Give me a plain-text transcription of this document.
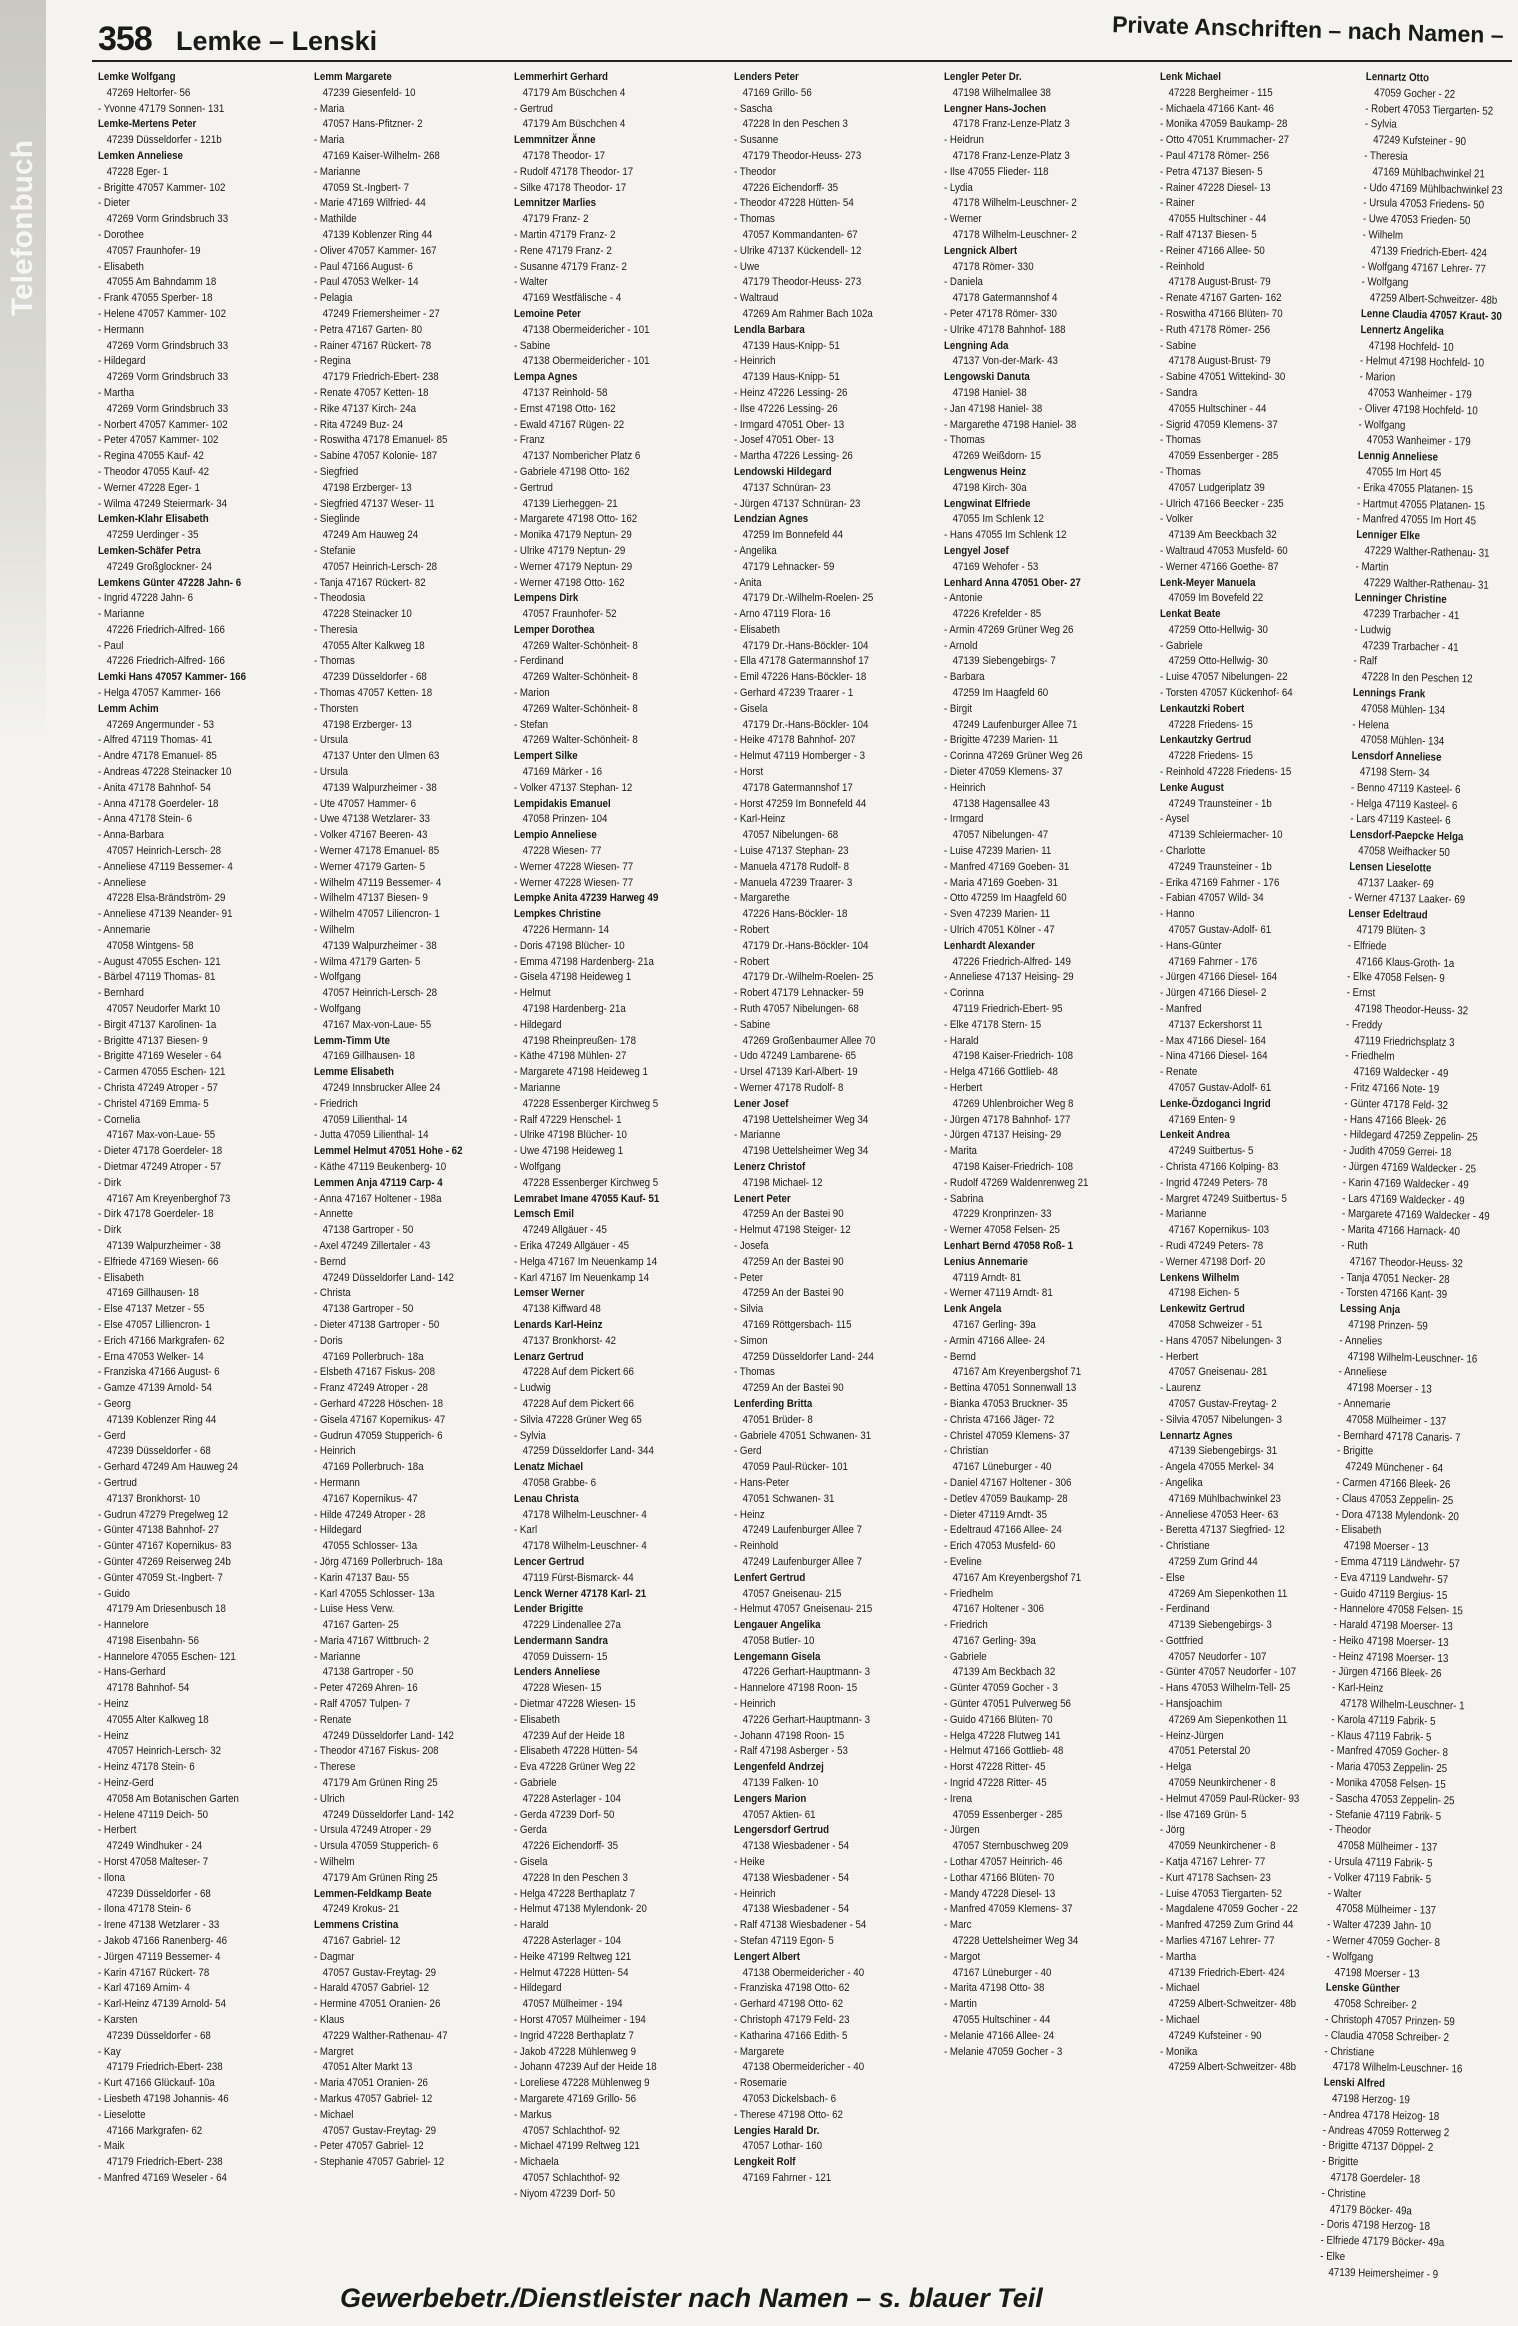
Telefonbuch
358 Lemke – Lenski	Private Anschriften – nach Namen –
Lemke Wolfgang
47269 Heltorfer- 56
- Yvonne 47179 Sonnen- 131
Lemke-Mertens Peter
47239 Düsseldorfer - 121b
Lemken Anneliese
47228 Eger- 1
- Brigitte 47057 Kammer- 102
- Dieter
47269 Vorm Grindsbruch 33
- Dorothee
47057 Fraunhofer- 19
- Elisabeth
47055 Am Bahndamm 18
- Frank 47055 Sperber- 18
- Helene 47057 Kammer- 102
- Hermann
47269 Vorm Grindsbruch 33
- Hildegard
47269 Vorm Grindsbruch 33
- Martha
47269 Vorm Grindsbruch 33
- Norbert 47057 Kammer- 102
- Peter 47057 Kammer- 102
- Regina 47055 Kauf- 42
- Theodor 47055 Kauf- 42
- Werner 47228 Eger- 1
- Wilma 47249 Steiermark- 34
Lemken-Klahr Elisabeth
47259 Uerdinger - 35
Lemken-Schäfer Petra
47249 Großglockner- 24
Lemkens Günter 47228 Jahn- 6
- Ingrid 47228 Jahn- 6
- Marianne
47226 Friedrich-Alfred- 166
- Paul
47226 Friedrich-Alfred- 166
Lemki Hans 47057 Kammer- 166
- Helga 47057 Kammer- 166
Lemm Achim
47269 Angermunder - 53
- Alfred 47119 Thomas- 41
- Andre 47178 Emanuel- 85
- Andreas 47228 Steinacker 10
- Anita 47178 Bahnhof- 54
- Anna 47178 Goerdeler- 18
- Anna 47178 Stein- 6
- Anna-Barbara
47057 Heinrich-Lersch- 28
- Anneliese 47119 Bessemer- 4
- Anneliese
47228 Elsa-Brändström- 29
- Anneliese 47139 Neander- 91
- Annemarie
47058 Wintgens- 58
- August 47055 Eschen- 121
- Bärbel 47119 Thomas- 81
- Bernhard
47057 Neudorfer Markt 10
- Birgit 47137 Karolinen- 1a
- Brigitte 47137 Biesen- 9
- Brigitte 47169 Weseler - 64
- Carmen 47055 Eschen- 121
- Christa 47249 Atroper - 57
- Christel 47169 Emma- 5
- Cornelia
47167 Max-von-Laue- 55
- Dieter 47178 Goerdeler- 18
- Dietmar 47249 Atroper - 57
- Dirk
47167 Am Kreyenberghof 73
- Dirk 47178 Goerdeler- 18
- Dirk
47139 Walpurzheimer - 38
- Elfriede 47169 Wiesen- 66
- Elisabeth
47169 Gillhausen- 18
- Else 47137 Metzer - 55
- Else 47057 Lilliencron- 1
- Erich 47166 Markgrafen- 62
- Erna 47053 Welker- 14
- Franziska 47166 August- 6
- Gamze 47139 Arnold- 54
- Georg
47139 Koblenzer Ring 44
- Gerd
47239 Düsseldorfer - 68
- Gerhard 47249 Am Hauweg 24
- Gertrud
47137 Bronkhorst- 10
- Gudrun 47279 Pregelweg 12
- Günter 47138 Bahnhof- 27
- Günter 47167 Kopernikus- 83
- Günter 47269 Reiserweg 24b
- Günter 47059 St.-Ingbert- 7
- Guido
47179 Am Driesenbusch 18
- Hannelore
47198 Eisenbahn- 56
- Hannelore 47055 Eschen- 121
- Hans-Gerhard
47178 Bahnhof- 54
- Heinz
47055 Alter Kalkweg 18
- Heinz
47057 Heinrich-Lersch- 32
- Heinz 47178 Stein- 6
- Heinz-Gerd
47058 Am Botanischen Garten
- Helene 47119 Deich- 50
- Herbert
47249 Windhuker - 24
- Horst 47058 Malteser- 7
- Ilona
47239 Düsseldorfer - 68
- Ilona 47178 Stein- 6
- Irene 47138 Wetzlarer - 33
- Jakob 47166 Ranenberg- 46
- Jürgen 47119 Bessemer- 4
- Karin 47167 Rückert- 78
- Karl 47169 Arnim- 4
- Karl-Heinz 47139 Arnold- 54
- Karsten
47239 Düsseldorfer - 68
- Kay
47179 Friedrich-Ebert- 238
- Kurt 47166 Glückauf- 10a
- Liesbeth 47198 Johannis- 46
- Lieselotte
47166 Markgrafen- 62
- Maik
47179 Friedrich-Ebert- 238
- Manfred 47169 Weseler - 64
Lemm Margarete
47239 Giesenfeld- 10
- Maria
47057 Hans-Pfitzner- 2
- Maria
47169 Kaiser-Wilhelm- 268
- Marianne
47059 St.-Ingbert- 7
- Marie 47169 Wilfried- 44
- Mathilde
47139 Koblenzer Ring 44
- Oliver 47057 Kammer- 167
- Paul 47166 August- 6
- Paul 47053 Welker- 14
- Pelagia
47249 Friemersheimer - 27
- Petra 47167 Garten- 80
- Rainer 47167 Rückert- 78
- Regina
47179 Friedrich-Ebert- 238
- Renate 47057 Ketten- 18
- Rike 47137 Kirch- 24a
- Rita 47249 Buz- 24
- Roswitha 47178 Emanuel- 85
- Sabine 47057 Kolonie- 187
- Siegfried
47198 Erzberger- 13
- Siegfried 47137 Weser- 11
- Sieglinde
47249 Am Hauweg 24
- Stefanie
47057 Heinrich-Lersch- 28
- Tanja 47167 Rückert- 82
- Theodosia
47228 Steinacker 10
- Theresia
47055 Alter Kalkweg 18
- Thomas
47239 Düsseldorfer - 68
- Thomas 47057 Ketten- 18
- Thorsten
47198 Erzberger- 13
- Ursula
47137 Unter den Ulmen 63
- Ursula
47139 Walpurzheimer - 38
- Ute 47057 Hammer- 6
- Uwe 47138 Wetzlarer- 33
- Volker 47167 Beeren- 43
- Werner 47178 Emanuel- 85
- Werner 47179 Garten- 5
- Wilhelm 47119 Bessemer- 4
- Wilhelm 47137 Biesen- 9
- Wilhelm 47057 Liliencron- 1
- Wilhelm
47139 Walpurzheimer - 38
- Wilma 47179 Garten- 5
- Wolfgang
47057 Heinrich-Lersch- 28
- Wolfgang
47167 Max-von-Laue- 55
Lemm-Timm Ute
47169 Gillhausen- 18
Lemme Elisabeth
47249 Innsbrucker Allee 24
- Friedrich
47059 Lilienthal- 14
- Jutta 47059 Lilienthal- 14
Lemmel Helmut 47051 Hohe - 62
- Käthe 47119 Beukenberg- 10
Lemmen Anja 47119 Carp- 4
- Anna 47167 Holtener - 198a
- Annette
47138 Gartroper - 50
- Axel 47249 Zillertaler - 43
- Bernd
47249 Düsseldorfer Land- 142
- Christa
47138 Gartroper - 50
- Dieter 47138 Gartroper - 50
- Doris
47169 Pollerbruch- 18a
- Elsbeth 47167 Fiskus- 208
- Franz 47249 Atroper - 28
- Gerhard 47228 Höschen- 18
- Gisela 47167 Kopernikus- 47
- Gudrun 47059 Stupperich- 6
- Heinrich
47169 Pollerbruch- 18a
- Hermann
47167 Kopernikus- 47
- Hilde 47249 Atroper - 28
- Hildegard
47055 Schlosser- 13a
- Jörg 47169 Pollerbruch- 18a
- Karin 47137 Bau- 55
- Karl 47055 Schlosser- 13a
- Luise Hess Verw.
47167 Garten- 25
- Maria 47167 Wittbruch- 2
- Marianne
47138 Gartroper - 50
- Peter 47269 Ahren- 16
- Ralf 47057 Tulpen- 7
- Renate
47249 Düsseldorfer Land- 142
- Theodor 47167 Fiskus- 208
- Therese
47179 Am Grünen Ring 25
- Ulrich
47249 Düsseldorfer Land- 142
- Ursula 47249 Atroper - 29
- Ursula 47059 Stupperich- 6
- Wilhelm
47179 Am Grünen Ring 25
Lemmen-Feldkamp Beate
47249 Krokus- 21
Lemmens Cristina
47167 Gabriel- 12
- Dagmar
47057 Gustav-Freytag- 29
- Harald 47057 Gabriel- 12
- Hermine 47051 Oranien- 26
- Klaus
47229 Walther-Rathenau- 47
- Margret
47051 Alter Markt 13
- Maria 47051 Oranien- 26
- Markus 47057 Gabriel- 12
- Michael
47057 Gustav-Freytag- 29
- Peter 47057 Gabriel- 12
- Stephanie 47057 Gabriel- 12
Lemmerhirt Gerhard
47179 Am Büschchen 4
- Gertrud
47179 Am Büschchen 4
Lemmnitzer Änne
47178 Theodor- 17
- Rudolf 47178 Theodor- 17
- Silke 47178 Theodor- 17
Lemnitzer Marlies
47179 Franz- 2
- Martin 47179 Franz- 2
- Rene 47179 Franz- 2
- Susanne 47179 Franz- 2
- Walter
47169 Westfälische - 4
Lemoine Peter
47138 Obermeidericher - 101
- Sabine
47138 Obermeidericher - 101
Lempa Agnes
47137 Reinhold- 58
- Ernst 47198 Otto- 162
- Ewald 47167 Rügen- 22
- Franz
47137 Nombericher Platz 6
- Gabriele 47198 Otto- 162
- Gertrud
47139 Lierheggen- 21
- Margarete 47198 Otto- 162
- Monika 47179 Neptun- 29
- Ulrike 47179 Neptun- 29
- Werner 47179 Neptun- 29
- Werner 47198 Otto- 162
Lempens Dirk
47057 Fraunhofer- 52
Lemper Dorothea
47269 Walter-Schönheit- 8
- Ferdinand
47269 Walter-Schönheit- 8
- Marion
47269 Walter-Schönheit- 8
- Stefan
47269 Walter-Schönheit- 8
Lempert Silke
47169 Märker - 16
- Volker 47137 Stephan- 12
Lempidakis Emanuel
47058 Prinzen- 104
Lempio Anneliese
47228 Wiesen- 77
- Werner 47228 Wiesen- 77
- Werner 47228 Wiesen- 77
Lempke Anita 47239 Harweg 49
Lempkes Christine
47226 Hermann- 14
- Doris 47198 Blücher- 10
- Emma 47198 Hardenberg- 21a
- Gisela 47198 Heideweg 1
- Helmut
47198 Hardenberg- 21a
- Hildegard
47198 Rheinpreußen- 178
- Käthe 47198 Mühlen- 27
- Margarete 47198 Heideweg 1
- Marianne
47228 Essenberger Kirchweg 5
- Ralf 47229 Henschel- 1
- Ulrike 47198 Blücher- 10
- Uwe 47198 Heideweg 1
- Wolfgang
47228 Essenberger Kirchweg 5
Lemrabet Imane 47055 Kauf- 51
Lemsch Emil
47249 Allgäuer - 45
- Erika 47249 Allgäuer - 45
- Helga 47167 Im Neuenkamp 14
- Karl 47167 Im Neuenkamp 14
Lemser Werner
47138 Kiffward 48
Lenards Karl-Heinz
47137 Bronkhorst- 42
Lenarz Gertrud
47228 Auf dem Pickert 66
- Ludwig
47228 Auf dem Pickert 66
- Silvia 47228 Grüner Weg 65
- Sylvia
47259 Düsseldorfer Land- 344
Lenatz Michael
47058 Grabbe- 6
Lenau Christa
47178 Wilhelm-Leuschner- 4
- Karl
47178 Wilhelm-Leuschner- 4
Lencer Gertrud
47119 Fürst-Bismarck- 44
Lenck Werner 47178 Karl- 21
Lender Brigitte
47229 Lindenallee 27a
Lendermann Sandra
47059 Duissern- 15
Lenders Anneliese
47228 Wiesen- 15
- Dietmar 47228 Wiesen- 15
- Elisabeth
47239 Auf der Heide 18
- Elisabeth 47228 Hütten- 54
- Eva 47228 Grüner Weg 22
- Gabriele
47228 Asterlager - 104
- Gerda 47239 Dorf- 50
- Gerda
47226 Eichendorff- 35
- Gisela
47228 In den Peschen 3
- Helga 47228 Berthaplatz 7
- Helmut 47138 Mylendonk- 20
- Harald
47228 Asterlager - 104
- Heike 47199 Reltweg 121
- Helmut 47228 Hütten- 54
- Hildegard
47057 Mülheimer - 194
- Horst 47057 Mülheimer - 194
- Ingrid 47228 Berthaplatz 7
- Jakob 47228 Mühlenweg 9
- Johann 47239 Auf der Heide 18
- Loreliese 47228 Mühlenweg 9
- Margarete 47169 Grillo- 56
- Markus
47057 Schlachthof- 92
- Michael 47199 Reltweg 121
- Michaela
47057 Schlachthof- 92
- Niyom 47239 Dorf- 50
Lenders Peter
47169 Grillo- 56
- Sascha
47228 In den Peschen 3
- Susanne
47179 Theodor-Heuss- 273
- Theodor
47226 Eichendorff- 35
- Theodor 47228 Hütten- 54
- Thomas
47057 Kommandanten- 67
- Ulrike 47137 Kückendell- 12
- Uwe
47179 Theodor-Heuss- 273
- Waltraud
47269 Am Rahmer Bach 102a
Lendla Barbara
47139 Haus-Knipp- 51
- Heinrich
47139 Haus-Knipp- 51
- Heinz 47226 Lessing- 26
- Ilse 47226 Lessing- 26
- Irmgard 47051 Ober- 13
- Josef 47051 Ober- 13
- Martha 47226 Lessing- 26
Lendowski Hildegard
47137 Schnüran- 23
- Jürgen 47137 Schnüran- 23
Lendzian Agnes
47259 Im Bonnefeld 44
- Angelika
47179 Lehnacker- 59
- Anita
47179 Dr.-Wilhelm-Roelen- 25
- Arno 47119 Flora- 16
- Elisabeth
47179 Dr.-Hans-Böckler- 104
- Ella 47178 Gatermannshof 17
- Emil 47226 Hans-Böckler- 18
- Gerhard 47239 Traarer - 1
- Gisela
47179 Dr.-Hans-Böckler- 104
- Heike 47178 Bahnhof- 207
- Helmut 47119 Homberger - 3
- Horst
47178 Gatermannshof 17
- Horst 47259 Im Bonnefeld 44
- Karl-Heinz
47057 Nibelungen- 68
- Luise 47137 Stephan- 23
- Manuela 47178 Rudolf- 8
- Manuela 47239 Traarer- 3
- Margarethe
47226 Hans-Böckler- 18
- Robert
47179 Dr.-Hans-Böckler- 104
- Robert
47179 Dr.-Wilhelm-Roelen- 25
- Robert 47179 Lehnacker- 59
- Ruth 47057 Nibelungen- 68
- Sabine
47269 Großenbaumer Allee 70
- Udo 47249 Lambarene- 65
- Ursel 47139 Karl-Albert- 19
- Werner 47178 Rudolf- 8
Lener Josef
47198 Uettelsheimer Weg 34
- Marianne
47198 Uettelsheimer Weg 34
Lenerz Christof
47198 Michael- 12
Lenert Peter
47259 An der Bastei 90
- Helmut 47198 Steiger- 12
- Josefa
47259 An der Bastei 90
- Peter
47259 An der Bastei 90
- Silvia
47169 Röttgersbach- 115
- Simon
47259 Düsseldorfer Land- 244
- Thomas
47259 An der Bastei 90
Lenferding Britta
47051 Brüder- 8
- Gabriele 47051 Schwanen- 31
- Gerd
47059 Paul-Rücker- 101
- Hans-Peter
47051 Schwanen- 31
- Heinz
47249 Laufenburger Allee 7
- Reinhold
47249 Laufenburger Allee 7
Lenfert Gertrud
47057 Gneisenau- 215
- Helmut 47057 Gneisenau- 215
Lengauer Angelika
47058 Butler- 10
Lengemann Gisela
47226 Gerhart-Hauptmann- 3
- Hannelore 47198 Roon- 15
- Heinrich
47226 Gerhart-Hauptmann- 3
- Johann 47198 Roon- 15
- Ralf 47198 Asberger - 53
Lengenfeld Andrzej
47139 Falken- 10
Lengers Marion
47057 Aktien- 61
Lengersdorf Gertrud
47138 Wiesbadener - 54
- Heike
47138 Wiesbadener - 54
- Heinrich
47138 Wiesbadener - 54
- Ralf 47138 Wiesbadener - 54
- Stefan 47119 Egon- 5
Lengert Albert
47138 Obermeidericher - 40
- Franziska 47198 Otto- 62
- Gerhard 47198 Otto- 62
- Christoph 47179 Feld- 23
- Katharina 47166 Edith- 5
- Margarete
47138 Obermeidericher - 40
- Rosemarie
47053 Dickelsbach- 6
- Therese 47198 Otto- 62
Lengies Harald Dr.
47057 Lothar- 160
Lengkeit Rolf
47169 Fahrner - 121
Lengler Peter Dr.
47198 Wilhelmallee 38
Lengner Hans-Jochen
47178 Franz-Lenze-Platz 3
- Heidrun
47178 Franz-Lenze-Platz 3
- Ilse 47055 Flieder- 118
- Lydia
47178 Wilhelm-Leuschner- 2
- Werner
47178 Wilhelm-Leuschner- 2
Lengnick Albert
47178 Römer- 330
- Daniela
47178 Gatermannshof 4
- Peter 47178 Römer- 330
- Ulrike 47178 Bahnhof- 188
Lengning Ada
47137 Von-der-Mark- 43
Lengowski Danuta
47198 Haniel- 38
- Jan 47198 Haniel- 38
- Margarethe 47198 Haniel- 38
- Thomas
47269 Weißdorn- 15
Lengwenus Heinz
47198 Kirch- 30a
Lengwinat Elfriede
47055 Im Schlenk 12
- Hans 47055 Im Schlenk 12
Lengyel Josef
47169 Wehofer - 53
Lenhard Anna 47051 Ober- 27
- Antonie
47226 Krefelder - 85
- Armin 47269 Grüner Weg 26
- Arnold
47139 Siebengebirgs- 7
- Barbara
47259 Im Haagfeld 60
- Birgit
47249 Laufenburger Allee 71
- Brigitte 47239 Marien- 11
- Corinna 47269 Grüner Weg 26
- Dieter 47059 Klemens- 37
- Heinrich
47138 Hagensallee 43
- Irmgard
47057 Nibelungen- 47
- Luise 47239 Marien- 11
- Manfred 47169 Goeben- 31
- Maria 47169 Goeben- 31
- Otto 47259 Im Haagfeld 60
- Sven 47239 Marien- 11
- Ulrich 47051 Kölner - 47
Lenhardt Alexander
47226 Friedrich-Alfred- 149
- Anneliese 47137 Heising- 29
- Corinna
47119 Friedrich-Ebert- 95
- Elke 47178 Stern- 15
- Harald
47198 Kaiser-Friedrich- 108
- Helga 47166 Gottlieb- 48
- Herbert
47269 Uhlenbroicher Weg 8
- Jürgen 47178 Bahnhof- 177
- Jürgen 47137 Heising- 29
- Marita
47198 Kaiser-Friedrich- 108
- Rudolf 47269 Waldenrenweg 21
- Sabrina
47229 Kronprinzen- 33
- Werner 47058 Felsen- 25
Lenhart Bernd 47058 Roß- 1
Lenius Annemarie
47119 Arndt- 81
- Werner 47119 Arndt- 81
Lenk Angela
47167 Gerling- 39a
- Armin 47166 Allee- 24
- Bernd
47167 Am Kreyenbergshof 71
- Bettina 47051 Sonnenwall 13
- Bianka 47053 Bruckner- 35
- Christa 47166 Jäger- 72
- Christel 47059 Klemens- 37
- Christian
47167 Lüneburger - 40
- Daniel 47167 Holtener - 306
- Detlev 47059 Baukamp- 28
- Dieter 47119 Arndt- 35
- Edeltraud 47166 Allee- 24
- Erich 47053 Musfeld- 60
- Eveline
47167 Am Kreyenbergshof 71
- Friedhelm
47167 Holtener - 306
- Friedrich
47167 Gerling- 39a
- Gabriele
47139 Am Beckbach 32
- Günter 47059 Gocher - 3
- Günter 47051 Pulverweg 56
- Guido 47166 Blüten- 70
- Helga 47228 Flutweg 141
- Helmut 47166 Gottlieb- 48
- Horst 47228 Ritter- 45
- Ingrid 47228 Ritter- 45
- Irena
47059 Essenberger - 285
- Jürgen
47057 Sternbuschweg 209
- Lothar 47057 Heinrich- 46
- Lothar 47166 Blüten- 70
- Mandy 47228 Diesel- 13
- Manfred 47059 Klemens- 37
- Marc
47228 Uettelsheimer Weg 34
- Margot
47167 Lüneburger - 40
- Marita 47198 Otto- 38
- Martin
47055 Hultschiner - 44
- Melanie 47166 Allee- 24
- Melanie 47059 Gocher - 3
Lenk Michael
47228 Bergheimer - 115
- Michaela 47166 Kant- 46
- Monika 47059 Baukamp- 28
- Otto 47051 Krummacher- 27
- Paul 47178 Römer- 256
- Petra 47137 Biesen- 5
- Rainer 47228 Diesel- 13
- Rainer
47055 Hultschiner - 44
- Ralf 47137 Biesen- 5
- Reiner 47166 Allee- 50
- Reinhold
47178 August-Brust- 79
- Renate 47167 Garten- 162
- Roswitha 47166 Blüten- 70
- Ruth 47178 Römer- 256
- Sabine
47178 August-Brust- 79
- Sabine 47051 Wittekind- 30
- Sandra
47055 Hultschiner - 44
- Sigrid 47059 Klemens- 37
- Thomas
47059 Essenberger - 285
- Thomas
47057 Ludgeriplatz 39
- Ulrich 47166 Beecker - 235
- Volker
47139 Am Beeckbach 32
- Waltraud 47053 Musfeld- 60
- Werner 47166 Goethe- 87
Lenk-Meyer Manuela
47059 Im Bovefeld 22
Lenkat Beate
47259 Otto-Hellwig- 30
- Gabriele
47259 Otto-Hellwig- 30
- Luise 47057 Nibelungen- 22
- Torsten 47057 Kückenhof- 64
Lenkautzki Robert
47228 Friedens- 15
Lenkautzky Gertrud
47228 Friedens- 15
- Reinhold 47228 Friedens- 15
Lenke August
47249 Traunsteiner - 1b
- Aysel
47139 Schleiermacher- 10
- Charlotte
47249 Traunsteiner - 1b
- Erika 47169 Fahrner - 176
- Fabian 47057 Wild- 34
- Hanno
47057 Gustav-Adolf- 61
- Hans-Günter
47169 Fahrner - 176
- Jürgen 47166 Diesel- 164
- Jürgen 47166 Diesel- 2
- Manfred
47137 Eckershorst 11
- Max 47166 Diesel- 164
- Nina 47166 Diesel- 164
- Renate
47057 Gustav-Adolf- 61
Lenke-Özdoganci Ingrid
47169 Enten- 9
Lenkeit Andrea
47249 Suitbertus- 5
- Christa 47166 Kolping- 83
- Ingrid 47249 Peters- 78
- Margret 47249 Suitbertus- 5
- Marianne
47167 Kopernikus- 103
- Rudi 47249 Peters- 78
- Werner 47198 Dorf- 20
Lenkens Wilhelm
47198 Eichen- 5
Lenkewitz Gertrud
47058 Schweizer - 51
- Hans 47057 Nibelungen- 3
- Herbert
47057 Gneisenau- 281
- Laurenz
47057 Gustav-Freytag- 2
- Silvia 47057 Nibelungen- 3
Lennartz Agnes
47139 Siebengebirgs- 31
- Angela 47055 Merkel- 34
- Angelika
47169 Mühlbachwinkel 23
- Anneliese 47053 Heer- 63
- Beretta 47137 Siegfried- 12
- Christiane
47259 Zum Grind 44
- Else
47269 Am Siepenkothen 11
- Ferdinand
47139 Siebengebirgs- 3
- Gottfried
47057 Neudorfer - 107
- Günter 47057 Neudorfer - 107
- Hans 47053 Wilhelm-Tell- 25
- Hansjoachim
47269 Am Siepenkothen 11
- Heinz-Jürgen
47051 Peterstal 20
- Helga
47059 Neunkirchener - 8
- Helmut 47059 Paul-Rücker- 93
- Ilse 47169 Grün- 5
- Jörg
47059 Neunkirchener - 8
- Katja 47167 Lehrer- 77
- Kurt 47178 Sachsen- 23
- Luise 47053 Tiergarten- 52
- Magdalene 47059 Gocher - 22
- Manfred 47259 Zum Grind 44
- Marlies 47167 Lehrer- 77
- Martha
47139 Friedrich-Ebert- 424
- Michael
47259 Albert-Schweitzer- 48b
- Michael
47249 Kufsteiner - 90
- Monika
47259 Albert-Schweitzer- 48b
Lennartz Otto
47059 Gocher - 22
- Robert 47053 Tiergarten- 52
- Sylvia
47249 Kufsteiner - 90
- Theresia
47169 Mühlbachwinkel 21
- Udo 47169 Mühlbachwinkel 23
- Ursula 47053 Friedens- 50
- Uwe 47053 Frieden- 50
- Wilhelm
47139 Friedrich-Ebert- 424
- Wolfgang 47167 Lehrer- 77
- Wolfgang
47259 Albert-Schweitzer- 48b
Lenne Claudia 47057 Kraut- 30
Lennertz Angelika
47198 Hochfeld- 10
- Helmut 47198 Hochfeld- 10
- Marion
47053 Wanheimer - 179
- Oliver 47198 Hochfeld- 10
- Wolfgang
47053 Wanheimer - 179
Lennig Anneliese
47055 Im Hort 45
- Erika 47055 Platanen- 15
- Hartmut 47055 Platanen- 15
- Manfred 47055 Im Hort 45
Lenniger Elke
47229 Walther-Rathenau- 31
- Martin
47229 Walther-Rathenau- 31
Lenninger Christine
47239 Trarbacher - 41
- Ludwig
47239 Trarbacher - 41
- Ralf
47228 In den Peschen 12
Lennings Frank
47058 Mühlen- 134
- Helena
47058 Mühlen- 134
Lensdorf Anneliese
47198 Stern- 34
- Benno 47119 Kasteel- 6
- Helga 47119 Kasteel- 6
- Lars 47119 Kasteel- 6
Lensdorf-Paepcke Helga
47058 Weifhacker 50
Lensen Lieselotte
47137 Laaker- 69
- Werner 47137 Laaker- 69
Lenser Edeltraud
47179 Blüten- 3
- Elfriede
47166 Klaus-Groth- 1a
- Elke 47058 Felsen- 9
- Ernst
47198 Theodor-Heuss- 32
- Freddy
47119 Friedrichsplatz 3
- Friedhelm
47169 Waldecker - 49
- Fritz 47166 Note- 19
- Günter 47178 Feld- 32
- Hans 47166 Bleek- 26
- Hildegard 47259 Zeppelin- 25
- Judith 47059 Gerrei- 18
- Jürgen 47169 Waldecker - 25
- Karin 47169 Waldecker - 49
- Lars 47169 Waldecker - 49
- Margarete 47169 Waldecker - 49
- Marita 47166 Harnack- 40
- Ruth
47167 Theodor-Heuss- 32
- Tanja 47051 Necker- 28
- Torsten 47166 Kant- 39
Lessing Anja
47198 Prinzen- 59
- Annelies
47198 Wilhelm-Leuschner- 16
- Anneliese
47198 Moerser - 13
- Annemarie
47058 Mülheimer - 137
- Bernhard 47178 Canaris- 7
- Brigitte
47249 Münchener - 64
- Carmen 47166 Bleek- 26
- Claus 47053 Zeppelin- 25
- Dora 47138 Mylendonk- 20
- Elisabeth
47198 Moerser - 13
- Emma 47119 Ländwehr- 57
- Eva 47119 Landwehr- 57
- Guido 47119 Bergius- 15
- Hannelore 47058 Felsen- 15
- Harald 47198 Moerser- 13
- Heiko 47198 Moerser- 13
- Heinz 47198 Moerser- 13
- Jürgen 47166 Bleek- 26
- Karl-Heinz
47178 Wilhelm-Leuschner- 1
- Karola 47119 Fabrik- 5
- Klaus 47119 Fabrik- 5
- Manfred 47059 Gocher- 8
- Maria 47053 Zeppelin- 25
- Monika 47058 Felsen- 15
- Sascha 47053 Zeppelin- 25
- Stefanie 47119 Fabrik- 5
- Theodor
47058 Mülheimer - 137
- Ursula 47119 Fabrik- 5
- Volker 47119 Fabrik- 5
- Walter
47058 Mülheimer - 137
- Walter 47239 Jahn- 10
- Werner 47059 Gocher- 8
- Wolfgang
47198 Moerser - 13
Lenske Günther
47058 Schreiber- 2
- Christoph 47057 Prinzen- 59
- Claudia 47058 Schreiber- 2
- Christiane
47178 Wilhelm-Leuschner- 16
Lenski Alfred
47198 Herzog- 19
- Andrea 47178 Heizog- 18
- Andreas 47059 Rotterweg 2
- Brigitte 47137 Döppel- 2
- Brigitte
47178 Goerdeler- 18
- Christine
47179 Böcker- 49a
- Doris 47198 Herzog- 18
- Elfriede 47179 Böcker- 49a
- Elke
47139 Heimersheimer - 9
Gewerbebetr./Dienstleister nach Namen – s. blauer Teil
